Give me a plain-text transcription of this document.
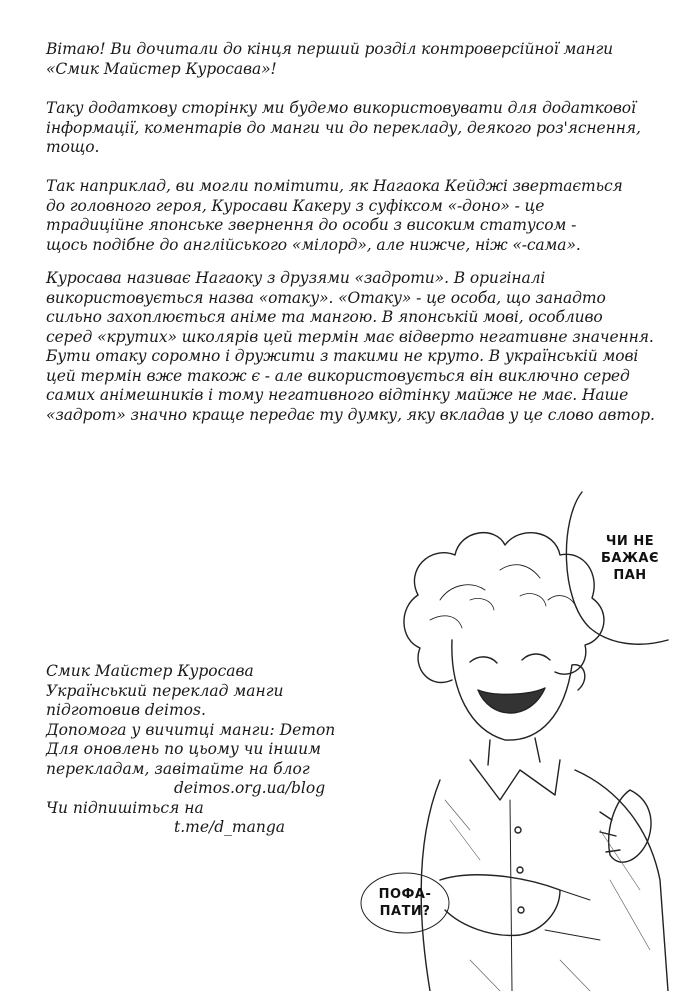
Вітаю! Ви дочитали до кінця перший розділ контроверсійної манги
«Смик Майстер Куросава»!

Таку додаткову сторінку ми будемо використовувати для додаткової
інформації, коментарів до манги чи до перекладу, деякого роз'яснення,
тощо.

Так наприклад, ви могли помітити, як Нагаока Кейджі звертається
до головного героя, Куросави Какеру з суфіксом «-доно» - це
традиційне японське звернення до особи з високим статусом -
щось подібне до англійського «мілорд», але нижче, ніж «-сама».

Куросава називає Нагаоку з друзями «задроти». В оригіналі
використовується назва «отаку». «Отаку» - це особа, що занадто
сильно захоплюється аніме та мангою. В японській мові, особливо
серед «крутих» школярів цей термін має відверто негативне значення.
Бути отаку соромно і дружити з такими не круто. В українській мові
цей термін вже також є - але використовується він виключно серед
самих анімешників і тому негативного відтінку майже не має. Наше
«задрот» значно краще передає ту думку, яку вкладав у це слово автор.

Смик Майстер Куросава
Український переклад манги
підготовив deimos.
Допомога у вичитці манги: Demon
Для оновлень по цьому чи іншим
перекладам, завітайте на блог
deimos.org.ua/blog
Чи підпишіться на
t.me/d_manga
ЧИ НЕ
БАЖАЄ
ПАН
ПОФА-
ПАТИ?
